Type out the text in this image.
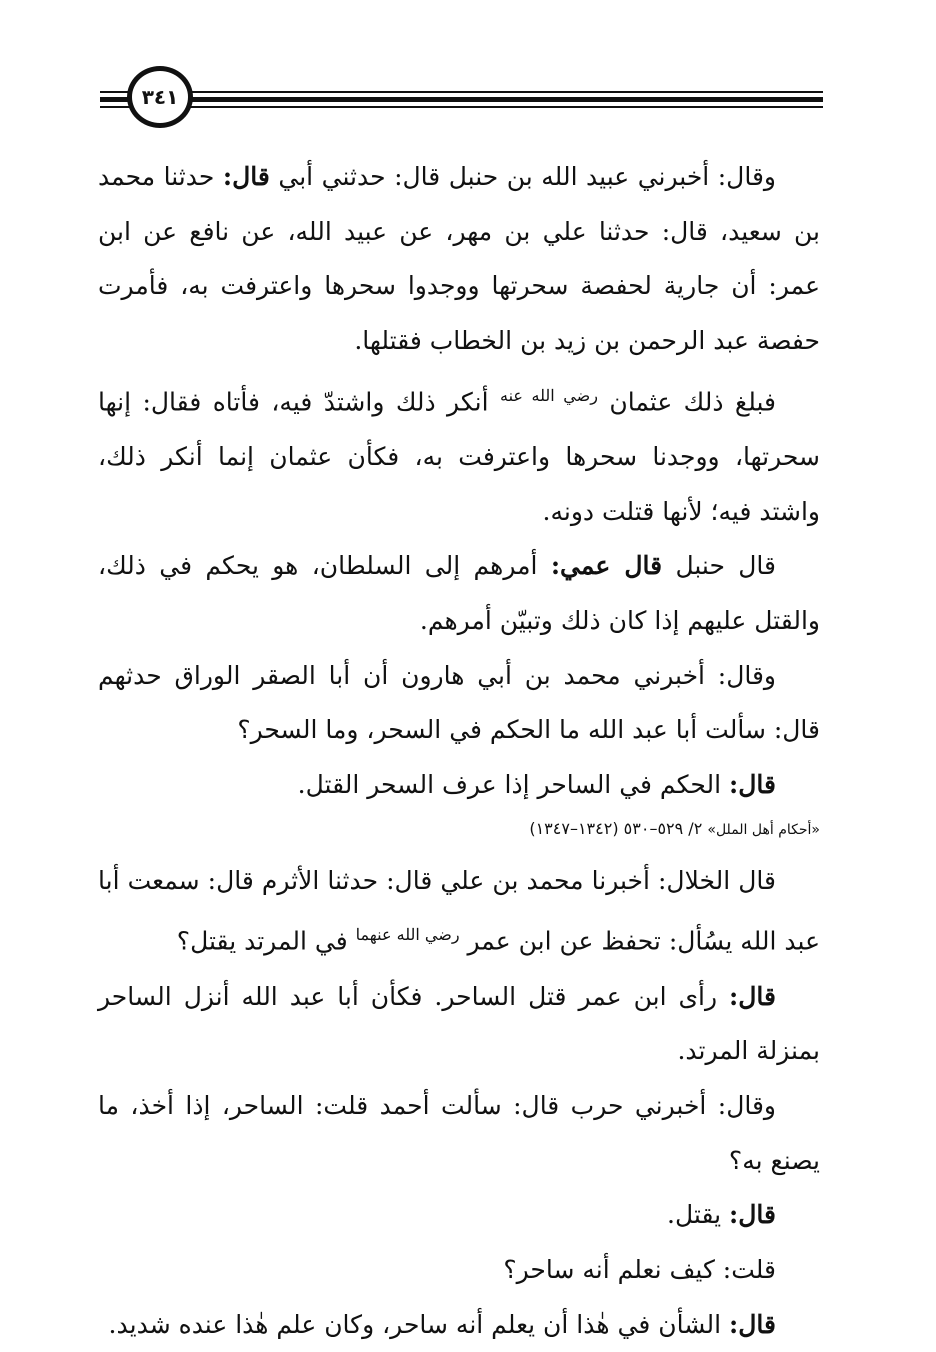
٣٤١

وقال: أخبرني عبيد الله بن حنبل قال: حدثني أبي قال: حدثنا محمد بن سعيد، قال: حدثنا علي بن مهر، عن عبيد الله، عن نافع عن ابن عمر: أن جارية لحفصة سحرتها ووجدوا سحرها واعترفت به، فأمرت حفصة عبد الرحمن بن زيد بن الخطاب فقتلها.

فبلغ ذلك عثمان $^{رضي الله عنه}$ أنكر ذلك واشتدّ فيه، فأتاه فقال: إنها سحرتها، ووجدنا سحرها واعترفت به، فكأن عثمان إنما أنكر ذلك، واشتد فيه؛ لأنها قتلت دونه.

قال حنبل قال عمي: أمرهم إلى السلطان، هو يحكم في ذلك، والقتل عليهم إذا كان ذلك وتبيّن أمرهم.

وقال: أخبرني محمد بن أبي هارون أن أبا الصقر الوراق حدثهم قال: سألت أبا عبد الله ما الحكم في السحر، وما السحر؟

قال: الحكم في الساحر إذا عرف السحر القتل.

«أحكام أهل الملل» ٢/ ٥٢٩–٥٣٠ (١٣٤٢–١٣٤٧)

قال الخلال: أخبرنا محمد بن علي قال: حدثنا الأثرم قال: سمعت أبا عبد الله يسُأل: تحفظ عن ابن عمر $^{رضي الله عنهما}$ في المرتد يقتل؟

قال: رأى ابن عمر قتل الساحر. فكأن أبا عبد الله أنزل الساحر بمنزلة المرتد.

وقال: أخبرني حرب قال: سألت أحمد قلت: الساحر، إذا أخذ، ما يصنع به؟

قال: يقتل.

قلت: كيف نعلم أنه ساحر؟

قال: الشأن في هٰذا أن يعلم أنه ساحر، وكان علم هٰذا عنده شديد.
